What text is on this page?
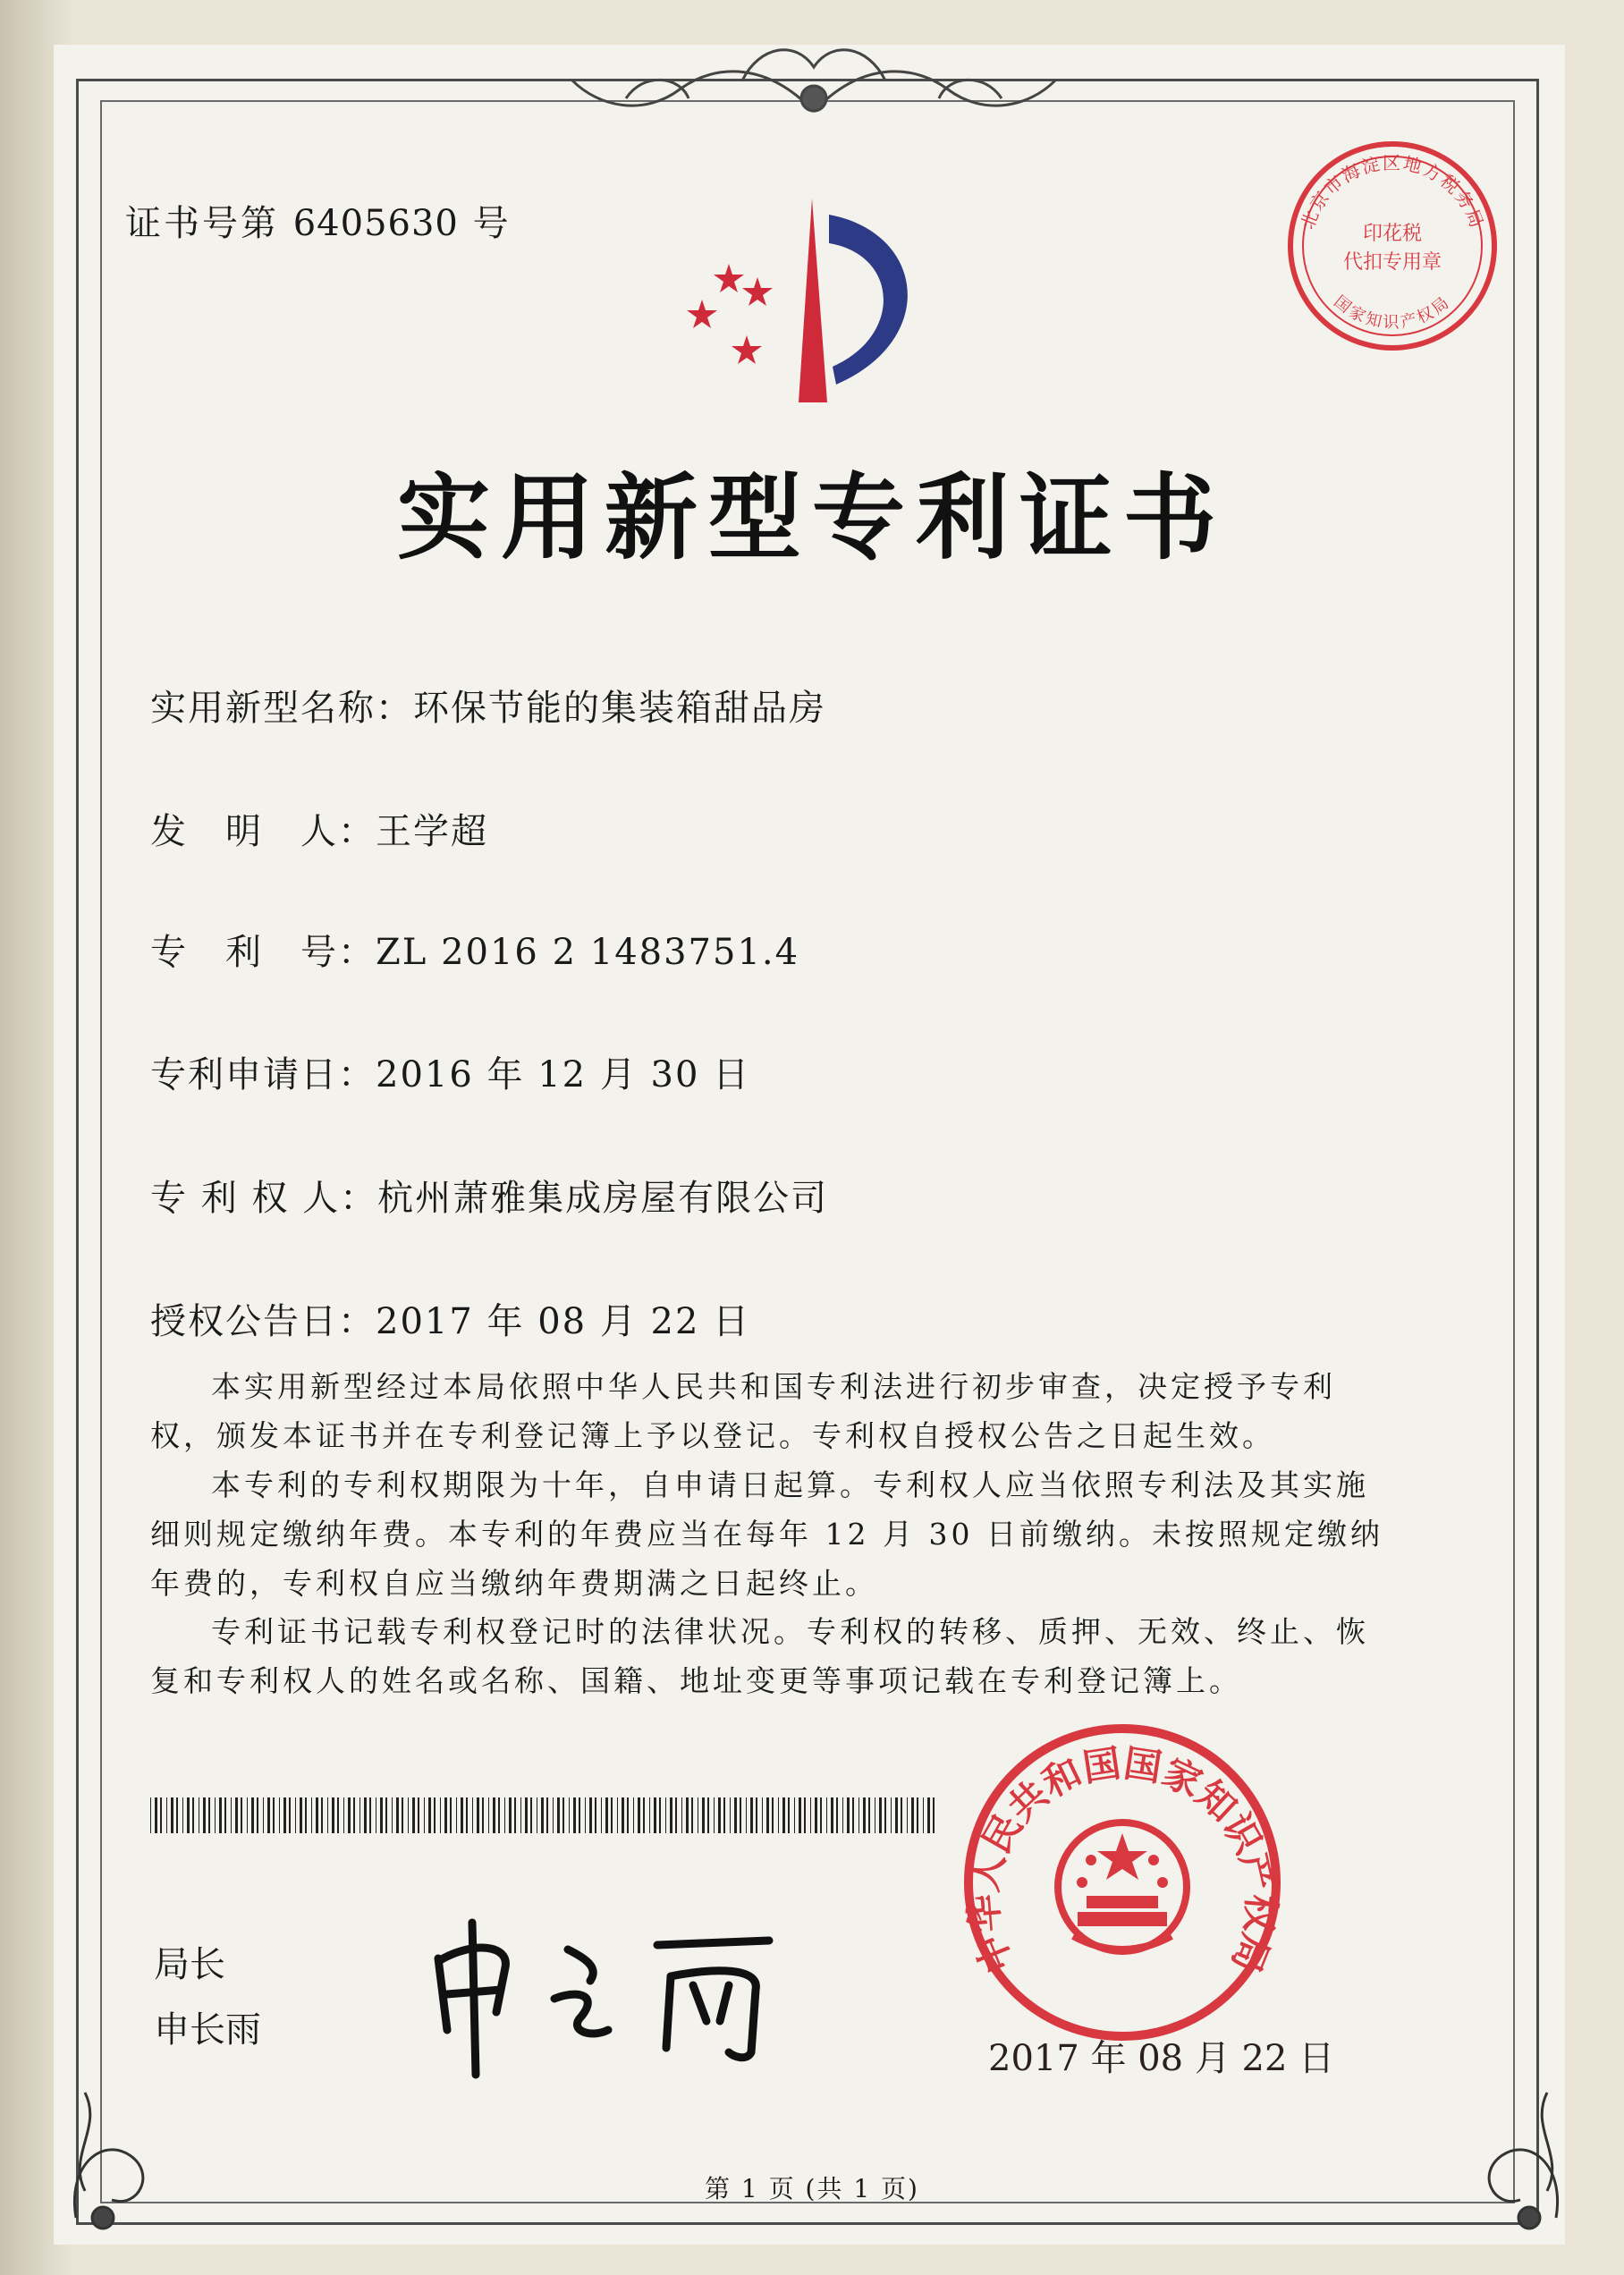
证书号第 6405630 号	北京市海淀区地方税务局
国家知识产权局
印花税
代扣专用章
实用新型专利证书
实用新型名称：环保节能的集装箱甜品房
发　明　人：王学超
专　利　号：ZL 2016 2 1483751.4
专利申请日：2016 年 12 月 30 日
专 利 权 人：杭州萧雅集成房屋有限公司
授权公告日：2017 年 08 月 22 日
本实用新型经过本局依照中华人民共和国专利法进行初步审查，决定授予专利权，颁发本证书并在专利登记簿上予以登记。专利权自授权公告之日起生效。
本专利的专利权期限为十年，自申请日起算。专利权人应当依照专利法及其实施细则规定缴纳年费。本专利的年费应当在每年 12 月 30 日前缴纳。未按照规定缴纳年费的，专利权自应当缴纳年费期满之日起终止。
专利证书记载专利权登记时的法律状况。专利权的转移、质押、无效、终止、恢复和专利权人的姓名或名称、国籍、地址变更等事项记载在专利登记簿上。
局长
申长雨
中华人民共和国国家知识产权局
2017 年 08 月 22 日
第 1 页 (共 1 页)
